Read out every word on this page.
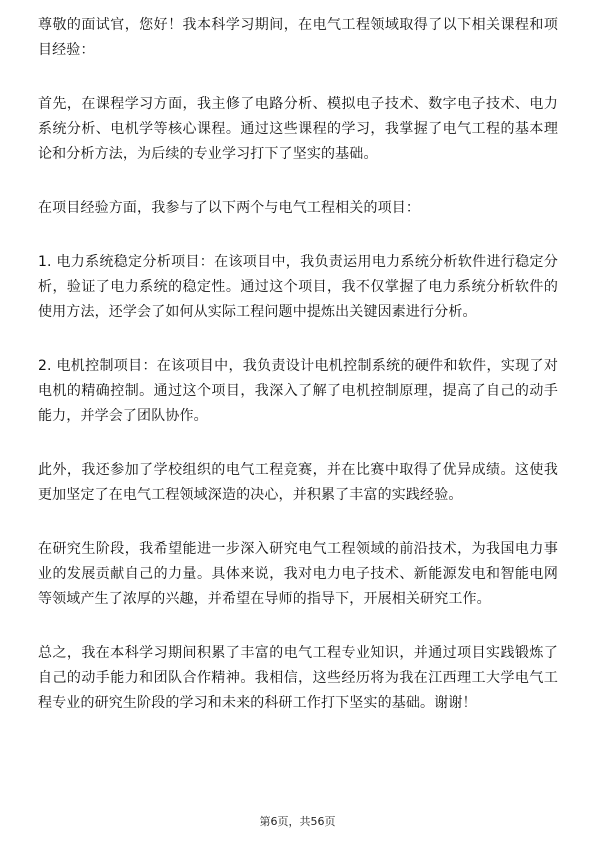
尊敬的面试官，您好！我本科学习期间，在电气工程领域取得了以下相关课程和项目经验：

首先，在课程学习方面，我主修了电路分析、模拟电子技术、数字电子技术、电力系统分析、电机学等核心课程。通过这些课程的学习，我掌握了电气工程的基本理论和分析方法，为后续的专业学习打下了坚实的基础。

在项目经验方面，我参与了以下两个与电气工程相关的项目：

1. 电力系统稳定分析项目：在该项目中，我负责运用电力系统分析软件进行稳定分析，验证了电力系统的稳定性。通过这个项目，我不仅掌握了电力系统分析软件的使用方法，还学会了如何从实际工程问题中提炼出关键因素进行分析。

2. 电机控制项目：在该项目中，我负责设计电机控制系统的硬件和软件，实现了对电机的精确控制。通过这个项目，我深入了解了电机控制原理，提高了自己的动手能力，并学会了团队协作。

此外，我还参加了学校组织的电气工程竞赛，并在比赛中取得了优异成绩。这使我更加坚定了在电气工程领域深造的决心，并积累了丰富的实践经验。

在研究生阶段，我希望能进一步深入研究电气工程领域的前沿技术，为我国电力事业的发展贡献自己的力量。具体来说，我对电力电子技术、新能源发电和智能电网等领域产生了浓厚的兴趣，并希望在导师的指导下，开展相关研究工作。

总之，我在本科学习期间积累了丰富的电气工程专业知识，并通过项目实践锻炼了自己的动手能力和团队合作精神。我相信，这些经历将为我在江西理工大学电气工程专业的研究生阶段的学习和未来的科研工作打下坚实的基础。谢谢！

第6页，共56页
